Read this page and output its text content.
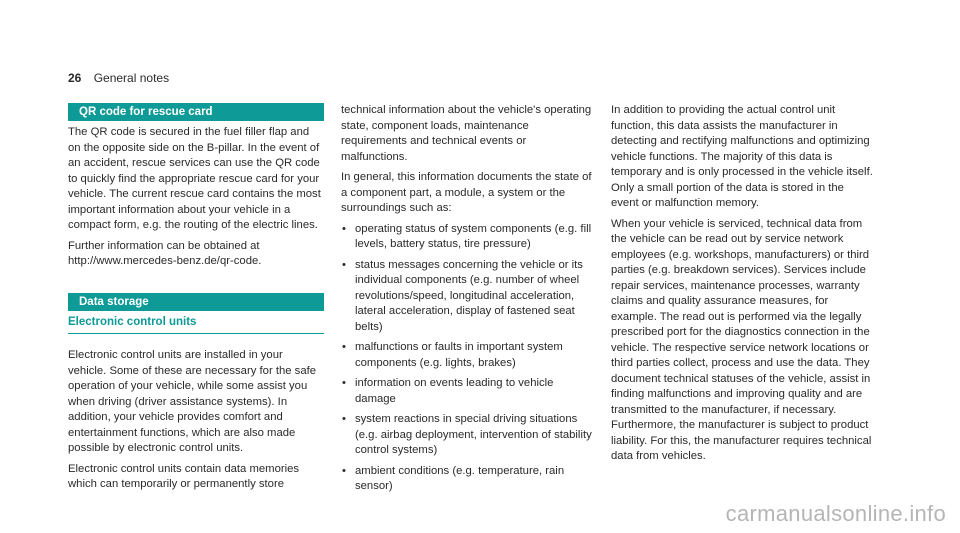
26 General notes
QR code for rescue card

The QR code is secured in the fuel filler flap and on the opposite side on the B-pillar. In the event of an accident, rescue services can use the QR code to quickly find the appropriate rescue card for your vehicle. The current rescue card contains the most important information about your vehicle in a compact form, e.g. the routing of the electric lines.

Further information can be obtained at http://www.mercedes-benz.de/qr-code.

Data storage
Electronic control units

Electronic control units are installed in your vehicle. Some of these are necessary for the safe operation of your vehicle, while some assist you when driving (driver assistance systems). In addition, your vehicle provides comfort and entertainment functions, which are also made possible by electronic control units.

Electronic control units contain data memories which can temporarily or permanently store

technical information about the vehicle's operating state, component loads, maintenance requirements and technical events or malfunctions.

In general, this information documents the state of a component part, a module, a system or the surroundings such as:

• operating status of system components (e.g. fill levels, battery status, tire pressure)
• status messages concerning the vehicle or its individual components (e.g. number of wheel revolutions/speed, longitudinal acceleration, lateral acceleration, display of fastened seat belts)
• malfunctions or faults in important system components (e.g. lights, brakes)
• information on events leading to vehicle damage
• system reactions in special driving situations (e.g. airbag deployment, intervention of stability control systems)
• ambient conditions (e.g. temperature, rain sensor)

In addition to providing the actual control unit function, this data assists the manufacturer in detecting and rectifying malfunctions and optimizing vehicle functions. The majority of this data is temporary and is only processed in the vehicle itself. Only a small portion of the data is stored in the event or malfunction memory.

When your vehicle is serviced, technical data from the vehicle can be read out by service network employees (e.g. workshops, manufacturers) or third parties (e.g. breakdown services). Services include repair services, maintenance processes, warranty claims and quality assurance measures, for example. The read out is performed via the legally prescribed port for the diagnostics connection in the vehicle. The respective service network locations or third parties collect, process and use the data. They document technical statuses of the vehicle, assist in finding malfunctions and improving quality and are transmitted to the manufacturer, if necessary. Furthermore, the manufacturer is subject to product liability. For this, the manufacturer requires technical data from vehicles.

carmanualsonline.info
